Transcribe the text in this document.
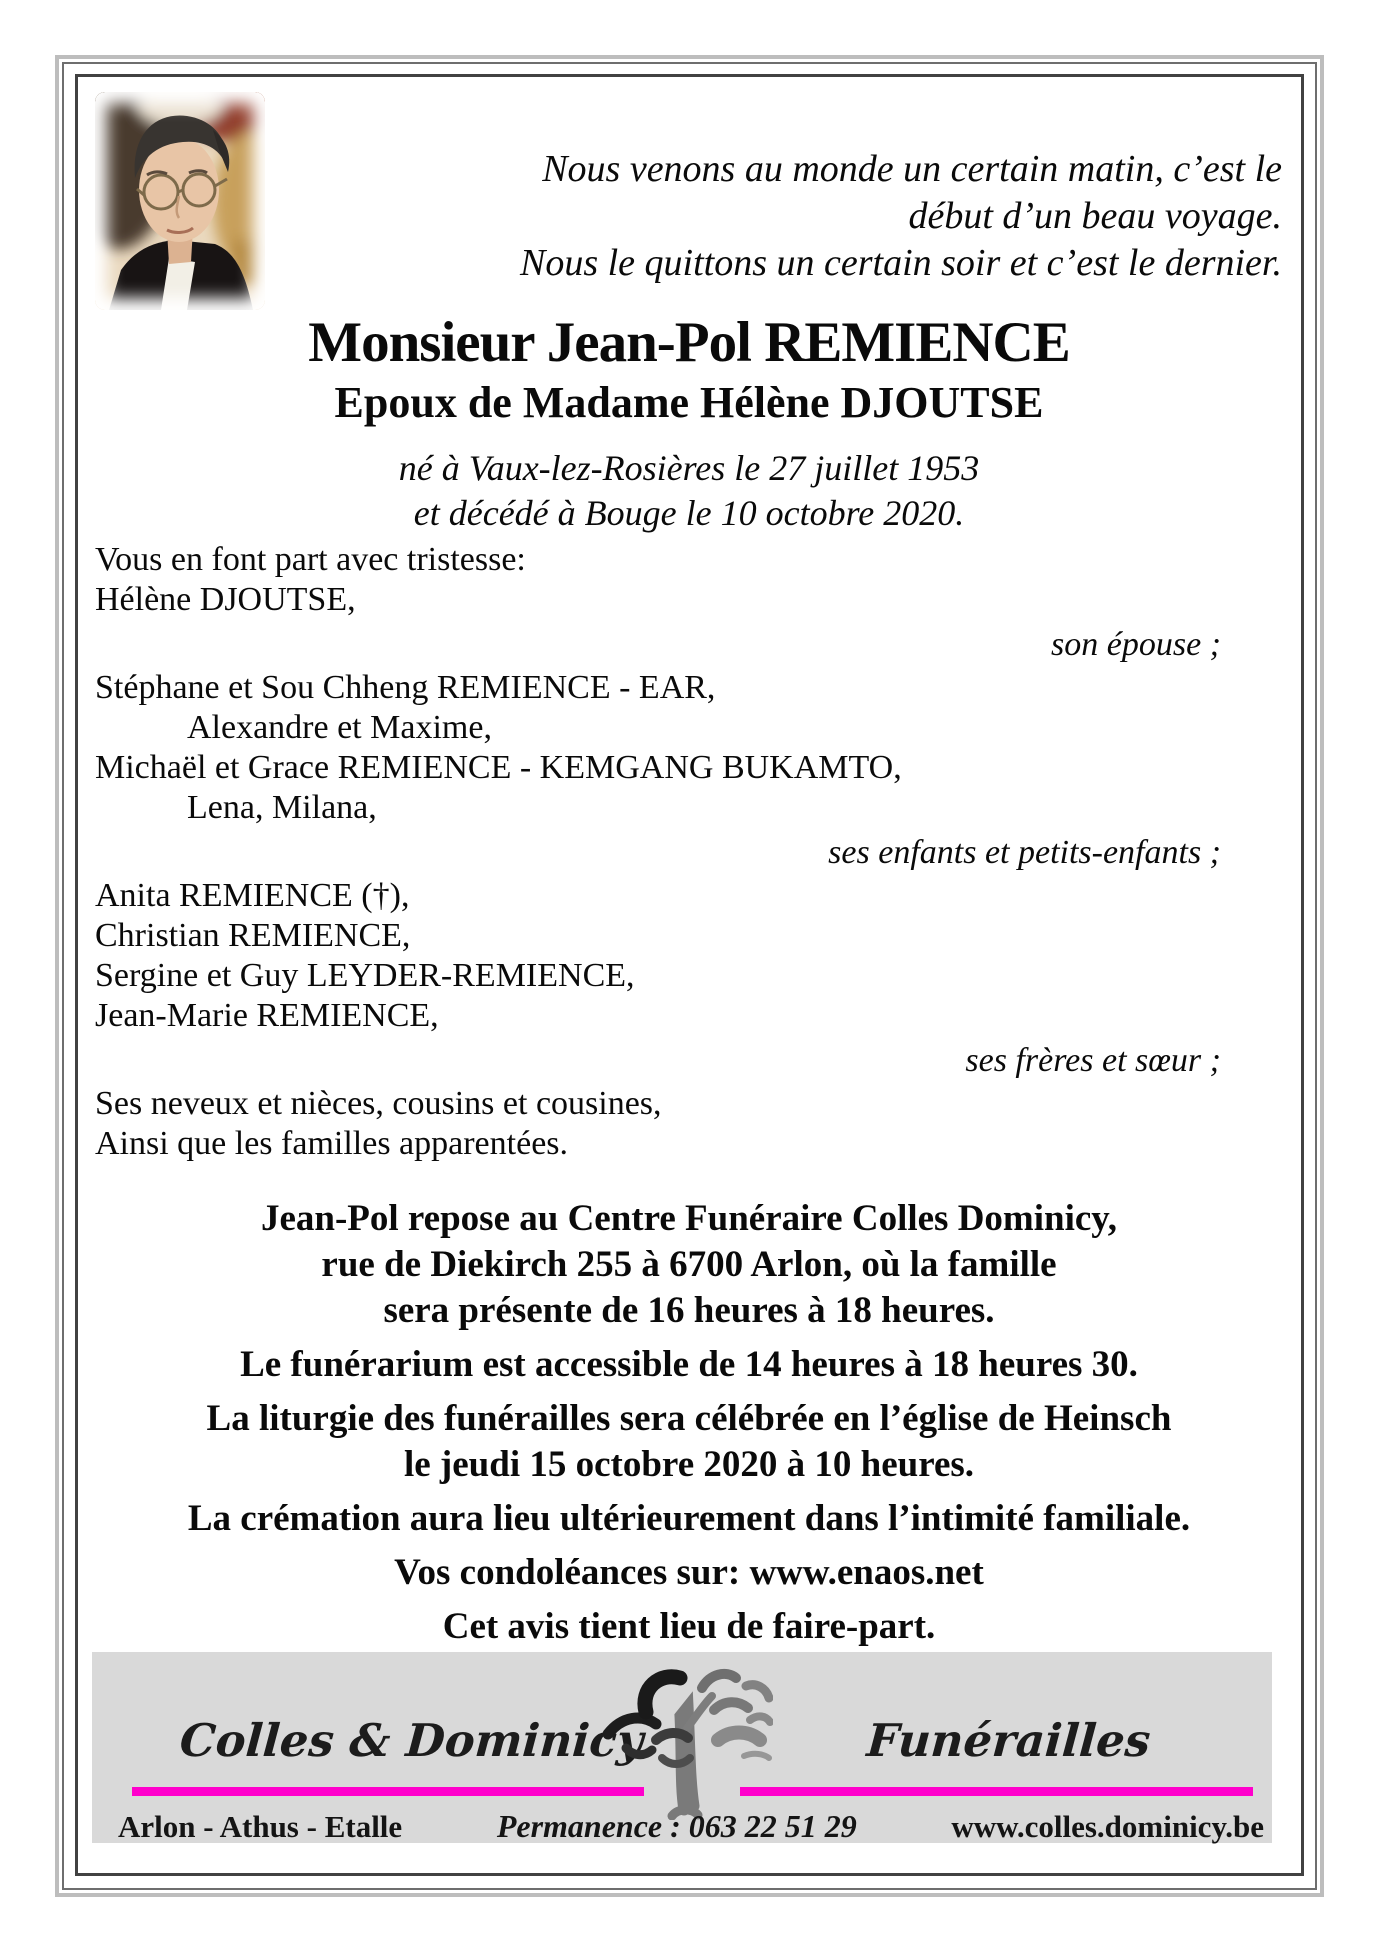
Nous venons au monde un certain matin, c’est le
début d’un beau voyage.
Nous le quittons un certain soir et c’est le dernier.
Monsieur Jean-Pol REMIENCE
Epoux de Madame Hélène DJOUTSE
né à Vaux-lez-Rosières le 27 juillet 1953
et décédé à Bouge le 10 octobre 2020.
Vous en font part avec tristesse:
Hélène DJOUTSE,
son épouse ;
Stéphane et Sou Chheng REMIENCE - EAR,
Alexandre et Maxime,
Michaël et Grace REMIENCE - KEMGANG BUKAMTO,
Lena, Milana,
ses enfants et petits-enfants ;
Anita REMIENCE (†),
Christian REMIENCE,
Sergine et Guy LEYDER-REMIENCE,
Jean-Marie REMIENCE,
ses frères et sœur ;
Ses neveux et nièces, cousins et cousines,
Ainsi que les familles apparentées.
Jean-Pol repose au Centre Funéraire Colles Dominicy,
rue de Diekirch 255 à 6700 Arlon, où la famille
sera présente de 16 heures à 18 heures.
Le funérarium est accessible de 14 heures à 18 heures 30.
La liturgie des funérailles sera célébrée en l’église de Heinsch
le jeudi 15 octobre 2020 à 10 heures.
La crémation aura lieu ultérieurement dans l’intimité familiale.
Vos condoléances sur: www.enaos.net
Cet avis tient lieu de faire-part.
Colles & Dominicy	Funérailles
Arlon - Athus - Etalle	Permanence : 063 22 51 29	www.colles.dominicy.be
